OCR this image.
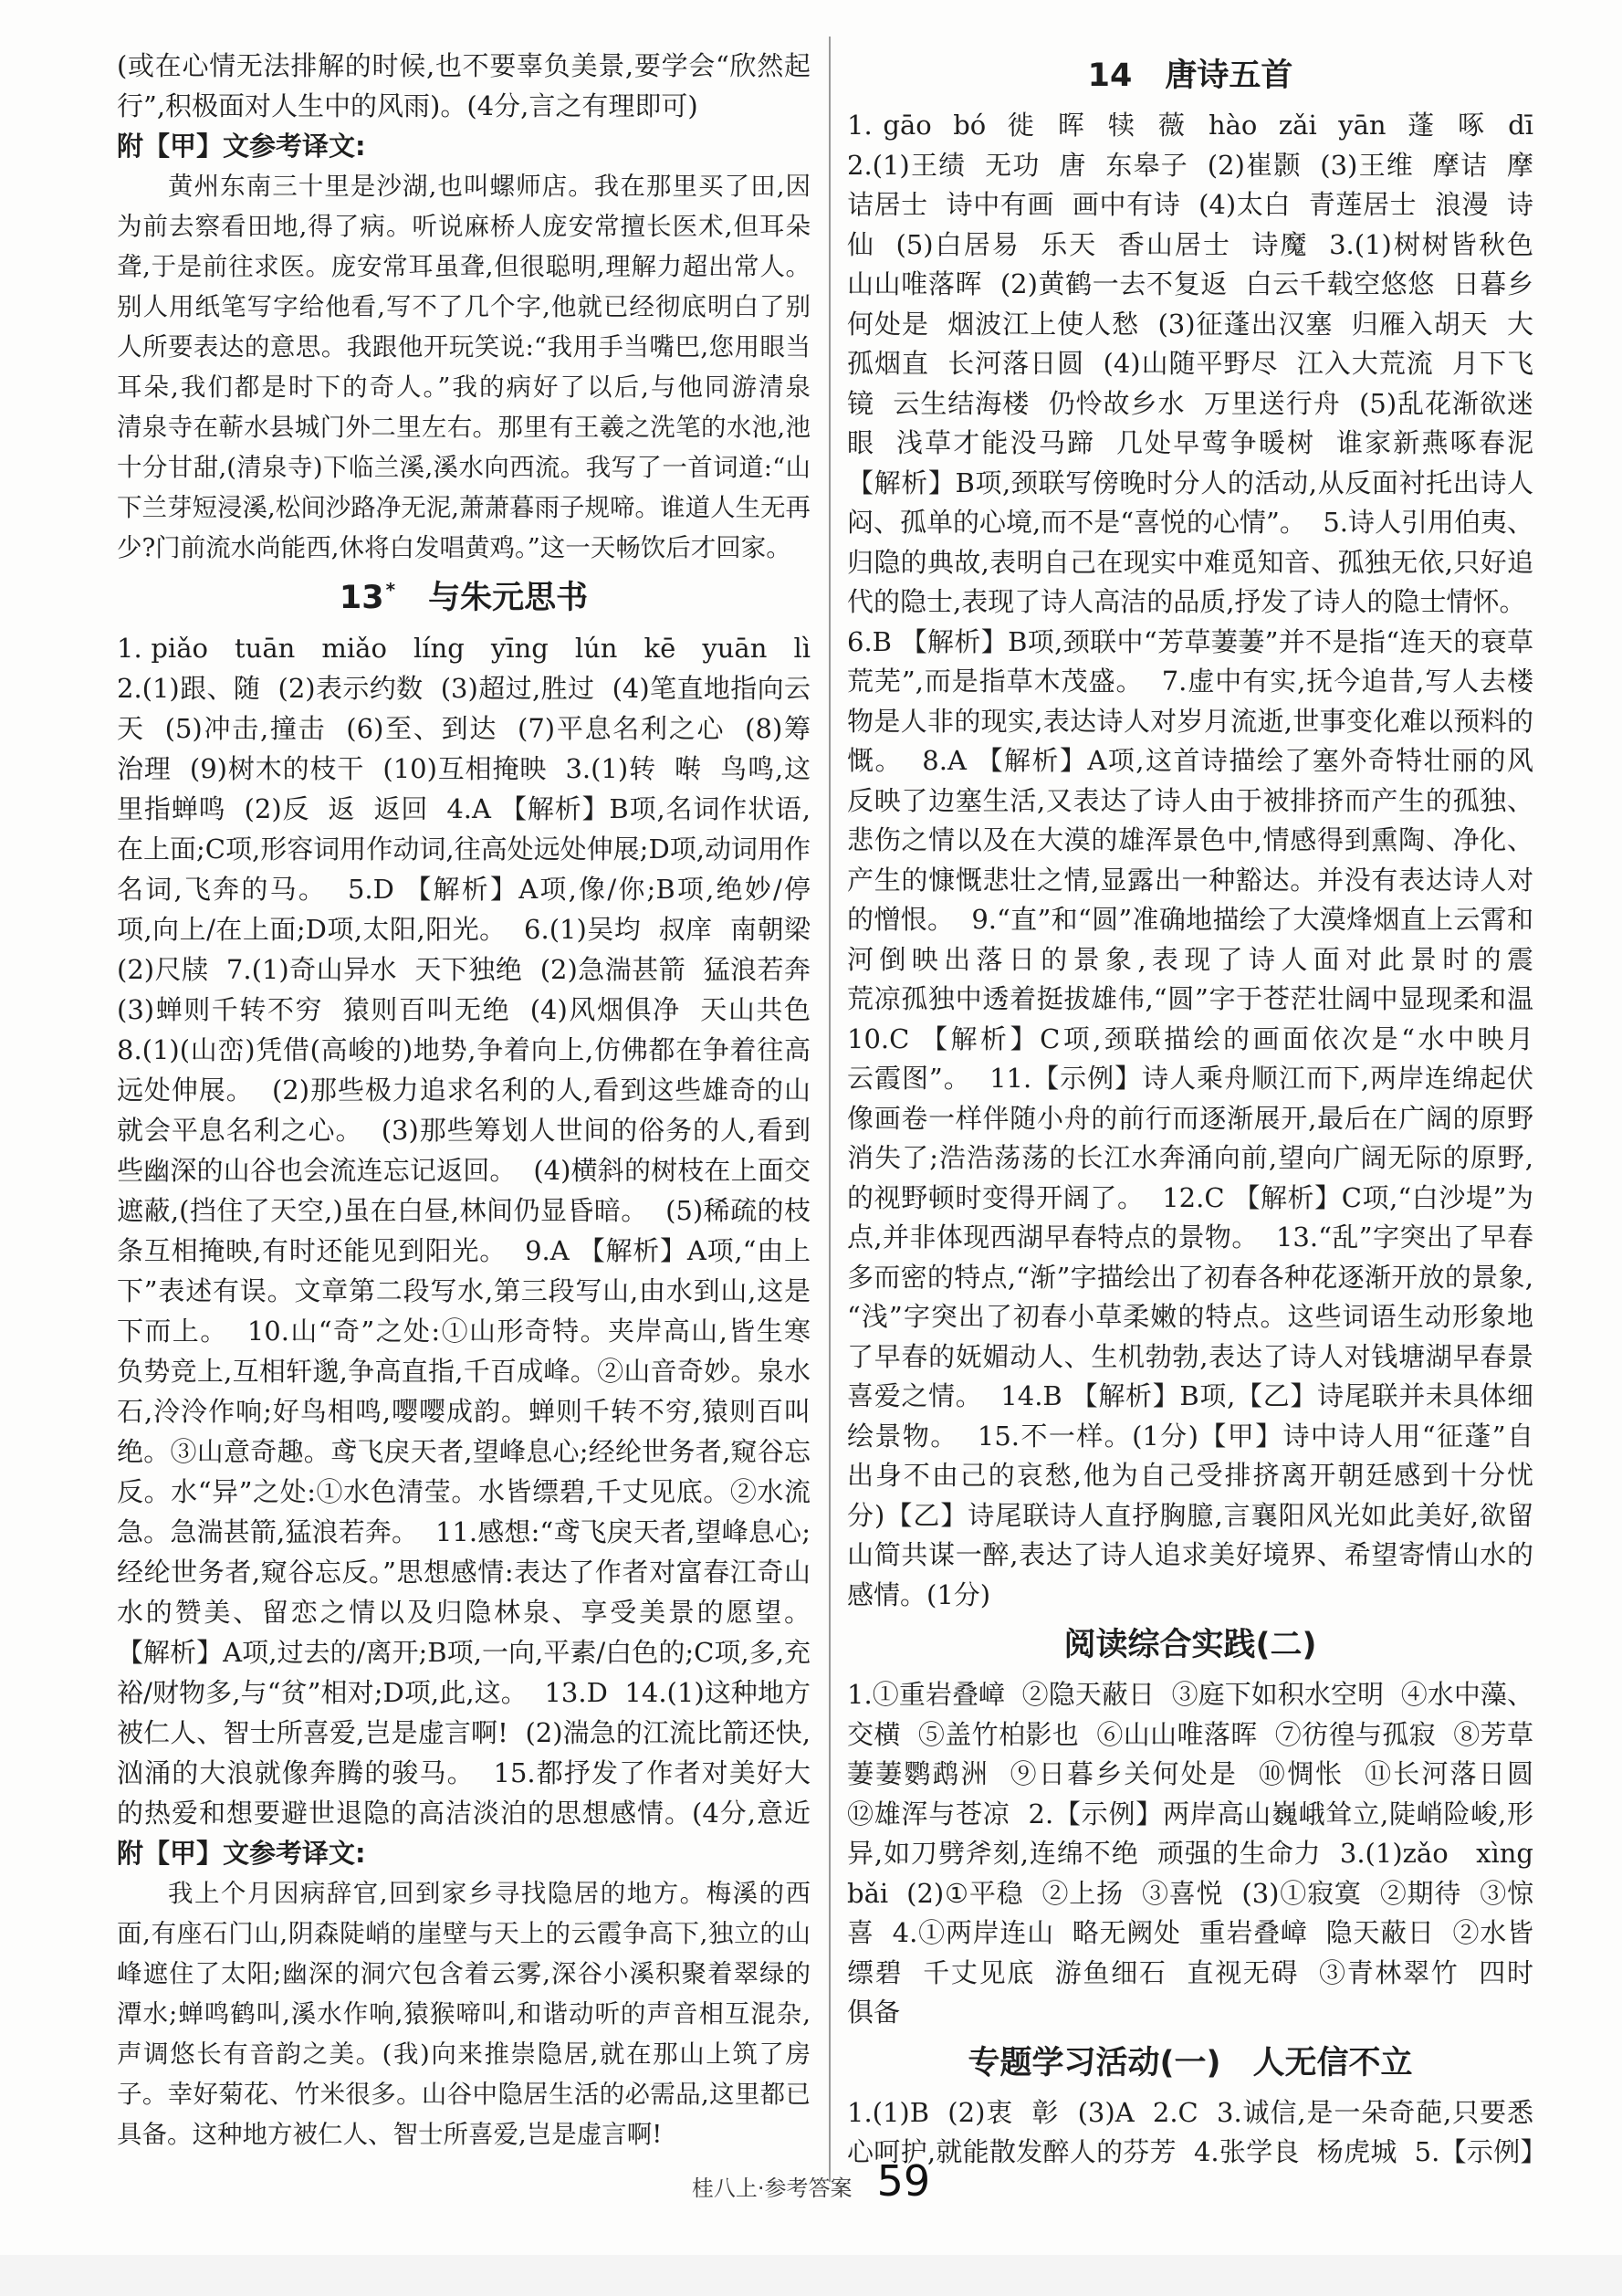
(或在心情无法排解的时候,也不要辜负美景,要学会“欣然起
行”,积极面对人生中的风雨)。(4分,言之有理即可)
附【甲】文参考译文:
黄州东南三十里是沙湖,也叫螺师店。我在那里买了田,因
为前去察看田地,得了病。听说麻桥人庞安常擅长医术,但耳朵
聋,于是前往求医。庞安常耳虽聋,但很聪明,理解力超出常人。
别人用纸笔写字给他看,写不了几个字,他就已经彻底明白了别
人所要表达的意思。我跟他开玩笑说:“我用手当嘴巴,您用眼当
耳朵,我们都是时下的奇人。”我的病好了以后,与他同游清泉
清泉寺在蕲水县城门外二里左右。那里有王羲之洗笔的水池,池
十分甘甜,(清泉寺)下临兰溪,溪水向西流。我写了一首词道:“山
下兰芽短浸溪,松间沙路净无泥,萧萧暮雨子规啼。谁道人生无再
少?门前流水尚能西,休将白发唱黄鸡。”这一天畅饮后才回家。
13 * 与朱元思书
1. piǎo   tuān   miǎo   líng   yīng   lún   kē   yuān   lì
2.(1)跟、随  (2)表示约数  (3)超过,胜过  (4)笔直地指向云
天  (5)冲击,撞击  (6)至、到达  (7)平息名利之心  (8)筹
治理  (9)树木的枝干  (10)互相掩映  3.(1)转  啭  鸟鸣,这
里指蝉鸣  (2)反  返  返回  4.A 【解析】B项,名词作状语,
在上面;C项,形容词用作动词,往高处远处伸展;D项,动词用作
名词,飞奔的马。  5.D 【解析】A项,像/你;B项,绝妙/停
项,向上/在上面;D项,太阳,阳光。  6.(1)吴均  叔庠  南朝梁
(2)尺牍  7.(1)奇山异水  天下独绝  (2)急湍甚箭  猛浪若奔
(3)蝉则千转不穷  猿则百叫无绝  (4)风烟俱净  天山共色
8.(1)(山峦)凭借(高峻的)地势,争着向上,仿佛都在争着往高
远处伸展。  (2)那些极力追求名利的人,看到这些雄奇的山
就会平息名利之心。  (3)那些筹划人世间的俗务的人,看到
些幽深的山谷也会流连忘记返回。  (4)横斜的树枝在上面交
遮蔽,(挡住了天空,)虽在白昼,林间仍显昏暗。  (5)稀疏的枝
条互相掩映,有时还能见到阳光。  9.A 【解析】A项,“由上
下”表述有误。文章第二段写水,第三段写山,由水到山,这是
下而上。  10.山“奇”之处:①山形奇特。夹岸高山,皆生寒
负势竞上,互相轩邈,争高直指,千百成峰。②山音奇妙。泉水
石,泠泠作响;好鸟相鸣,嘤嘤成韵。蝉则千转不穷,猿则百叫
绝。③山意奇趣。鸢飞戾天者,望峰息心;经纶世务者,窥谷忘
反。水“异”之处:①水色清莹。水皆缥碧,千丈见底。②水流
急。急湍甚箭,猛浪若奔。  11.感想:“鸢飞戾天者,望峰息心;
经纶世务者,窥谷忘反。”思想感情:表达了作者对富春江奇山
水的赞美、留恋之情以及归隐林泉、享受美景的愿望。
【解析】A项,过去的/离开;B项,一向,平素/白色的;C项,多,充
裕/财物多,与“贫”相对;D项,此,这。  13.D  14.(1)这种地方
被仁人、智士所喜爱,岂是虚言啊!  (2)湍急的江流比箭还快,
汹涌的大浪就像奔腾的骏马。  15.都抒发了作者对美好大
的热爱和想要避世退隐的高洁淡泊的思想感情。(4分,意近
附【甲】文参考译文:
我上个月因病辞官,回到家乡寻找隐居的地方。梅溪的西
面,有座石门山,阴森陡峭的崖壁与天上的云霞争高下,独立的山
峰遮住了太阳;幽深的洞穴包含着云雾,深谷小溪积聚着翠绿的
潭水;蝉鸣鹤叫,溪水作响,猿猴啼叫,和谐动听的声音相互混杂,
声调悠长有音韵之美。(我)向来推崇隐居,就在那山上筑了房
子。幸好菊花、竹米很多。山谷中隐居生活的必需品,这里都已
具备。这种地方被仁人、智士所喜爱,岂是虚言啊!
14 唐诗五首
1. gāo  bó  徙  晖  犊  薇  hào  zǎi  yān  蓬  啄  dī
2.(1)王绩  无功  唐  东皋子  (2)崔颢  (3)王维  摩诘  摩
诘居士  诗中有画  画中有诗  (4)太白  青莲居士  浪漫  诗
仙  (5)白居易  乐天  香山居士  诗魔  3.(1)树树皆秋色
山山唯落晖  (2)黄鹤一去不复返  白云千载空悠悠  日暮乡
何处是  烟波江上使人愁  (3)征蓬出汉塞  归雁入胡天  大
孤烟直  长河落日圆  (4)山随平野尽  江入大荒流  月下飞
镜  云生结海楼  仍怜故乡水  万里送行舟  (5)乱花渐欲迷
眼  浅草才能没马蹄  几处早莺争暖树  谁家新燕啄春泥
【解析】B项,颈联写傍晚时分人的活动,从反面衬托出诗人
闷、孤单的心境,而不是“喜悦的心情”。  5.诗人引用伯夷、
归隐的典故,表明自己在现实中难觅知音、孤独无依,只好追
代的隐士,表现了诗人高洁的品质,抒发了诗人的隐士情怀。
6.B 【解析】B项,颈联中“芳草萋萋”并不是指“连天的衰草
荒芜”,而是指草木茂盛。  7.虚中有实,抚今追昔,写人去楼
物是人非的现实,表达诗人对岁月流逝,世事变化难以预料的
慨。  8.A 【解析】A项,这首诗描绘了塞外奇特壮丽的风
反映了边塞生活,又表达了诗人由于被排挤而产生的孤独、
悲伤之情以及在大漠的雄浑景色中,情感得到熏陶、净化、
产生的慷慨悲壮之情,显露出一种豁达。并没有表达诗人对
的憎恨。  9.“直”和“圆”准确地描绘了大漠烽烟直上云霄和
河倒映出落日的景象,表现了诗人面对此景时的震
荒凉孤独中透着挺拔雄伟,“圆”字于苍茫壮阔中显现柔和温
10.C 【解析】C项,颈联描绘的画面依次是“水中映月
云霞图”。  11.【示例】诗人乘舟顺江而下,两岸连绵起伏
像画卷一样伴随小舟的前行而逐渐展开,最后在广阔的原野
消失了;浩浩荡荡的长江水奔涌向前,望向广阔无际的原野,
的视野顿时变得开阔了。  12.C 【解析】C项,“白沙堤”为
点,并非体现西湖早春特点的景物。  13.“乱”字突出了早春
多而密的特点,“渐”字描绘出了初春各种花逐渐开放的景象,
“浅”字突出了初春小草柔嫩的特点。这些词语生动形象地
了早春的妩媚动人、生机勃勃,表达了诗人对钱塘湖早春景
喜爱之情。  14.B 【解析】B项,【乙】诗尾联并未具体细
绘景物。  15.不一样。(1分)【甲】诗中诗人用“征蓬”自
出身不由己的哀愁,他为自己受排挤离开朝廷感到十分忧
分)【乙】诗尾联诗人直抒胸臆,言襄阳风光如此美好,欲留
山简共谋一醉,表达了诗人追求美好境界、希望寄情山水的
感情。(1分)
阅读综合实践(二)
1.①重岩叠嶂  ②隐天蔽日  ③庭下如积水空明  ④水中藻、
交横  ⑤盖竹柏影也  ⑥山山唯落晖  ⑦彷徨与孤寂  ⑧芳草
萋萋鹦鹉洲  ⑨日暮乡关何处是  ⑩惆怅  ⑪长河落日圆
⑫雄浑与苍凉  2.【示例】两岸高山巍峨耸立,陡峭险峻,形
异,如刀劈斧刻,连绵不绝  顽强的生命力  3.(1)zǎo   xìng
bǎi  (2)①平稳  ②上扬  ③喜悦  (3)①寂寞  ②期待  ③惊
喜  4.①两岸连山  略无阙处  重岩叠嶂  隐天蔽日  ②水皆
缥碧  千丈见底  游鱼细石  直视无碍  ③青林翠竹  四时
俱备
专题学习活动(一)　人无信不立
1.(1)B  (2)衷  彰  (3)A  2.C  3.诚信,是一朵奇葩,只要悉
心呵护,就能散发醉人的芬芳  4.张学良  杨虎城  5.【示例】
桂八上·参考答案 59
